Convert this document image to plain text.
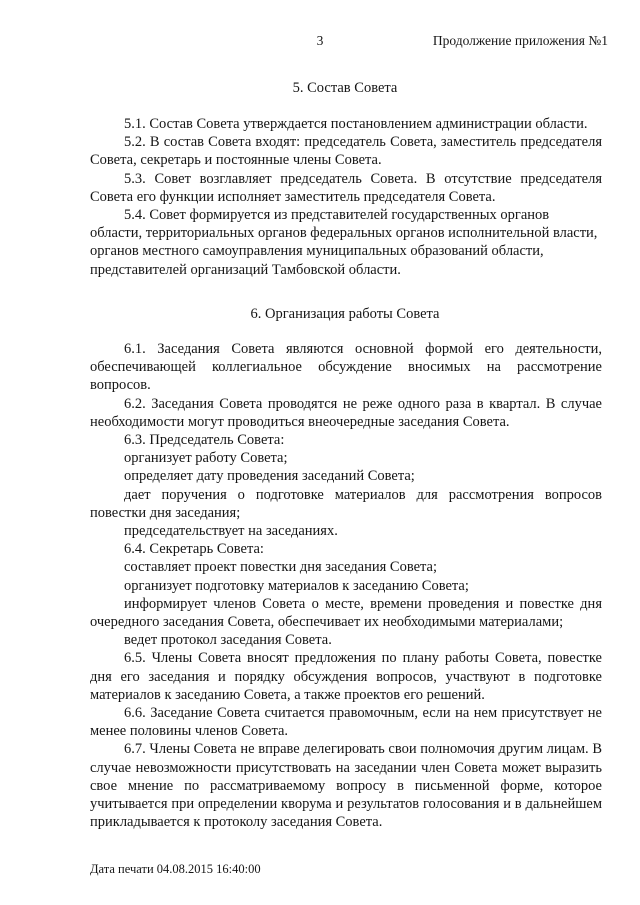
3	Продолжение приложения №1
5. Состав Совета

5.1. Состав Совета утверждается постановлением администрации области.

5.2. В состав Совета входят: председатель Совета, заместитель председателя Совета, секретарь и постоянные члены Совета.

5.3. Совет возглавляет председатель Совета. В отсутствие председателя Совета его функции исполняет заместитель председателя Совета.

5.4. Совет формируется из представителей государственных органов области, территориальных органов федеральных органов исполнительной власти, органов местного самоуправления муниципальных образований области, представителей организаций Тамбовской области.

6. Организация работы Совета

6.1. Заседания Совета являются основной формой его деятельности, обеспечивающей коллегиальное обсуждение вносимых на рассмотрение вопросов.

6.2. Заседания Совета проводятся не реже одного раза в квартал. В случае необходимости могут проводиться внеочередные заседания Совета.

6.3. Председатель Совета:

организует работу Совета;

определяет дату проведения заседаний Совета;

дает поручения о подготовке материалов для рассмотрения вопросов повестки дня заседания;

председательствует на заседаниях.

6.4. Секретарь Совета:

составляет проект повестки дня заседания Совета;

организует подготовку материалов к заседанию Совета;

информирует членов Совета о месте, времени проведения и повестке дня очередного заседания Совета, обеспечивает их необходимыми материалами;

ведет протокол заседания Совета.

6.5. Члены Совета вносят предложения по плану работы Совета, повестке дня его заседания и порядку обсуждения вопросов, участвуют в подготовке материалов к заседанию Совета, а также проектов его решений.

6.6. Заседание Совета считается правомочным, если на нем присутствует не менее половины членов Совета.

6.7. Члены Совета не вправе делегировать свои полномочия другим лицам. В случае невозможности присутствовать на заседании член Совета может выразить свое мнение по рассматриваемому вопросу в письменной форме, которое учитывается при определении кворума и результатов голосования и в дальнейшем прикладывается к протоколу заседания Совета.

Дата печати 04.08.2015 16:40:00
